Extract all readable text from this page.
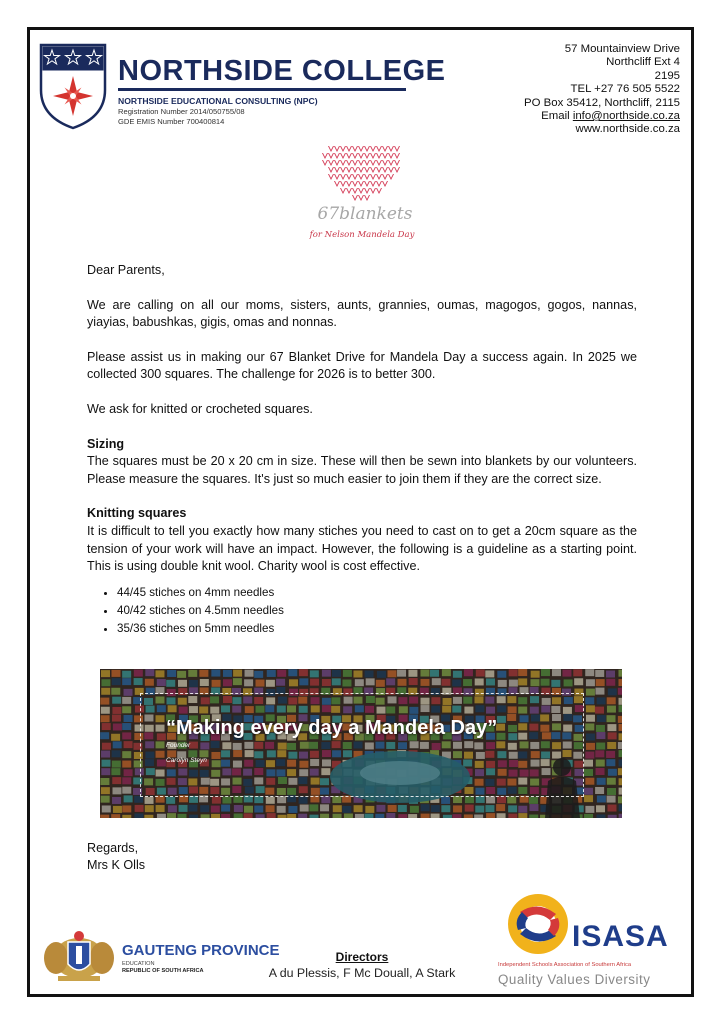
NORTHSIDE COLLEGE
NORTHSIDE EDUCATIONAL CONSULTING (NPC)
Registration Number 2014/050755/08
GDE EMIS Number 700400814
57 Mountainview Drive
Northcliff Ext 4
2195
TEL +27 76 505 5522
PO Box 35412, Northcliff, 2115
Email info@northside.co.za
www.northside.co.za
67blankets
for Nelson Mandela Day

Dear Parents,

We are calling on all our moms, sisters, aunts, grannies, oumas, magogos, gogos, nannas, yiayias, babushkas, gigis, omas and nonnas.

Please assist us in making our 67 Blanket Drive for Mandela Day a success again. In 2025 we collected 300 squares. The challenge for 2026 is to better 300.

We ask for knitted or crocheted squares.

Sizing

The squares must be 20 x 20 cm in size. These will then be sewn into blankets by our volunteers. Please measure the squares. It's just so much easier to join them if they are the correct size.

Knitting squares

It is difficult to tell you exactly how many stiches you need to cast on to get a 20cm square as the tension of your work will have an impact. However, the following is a guideline as a starting point. This is using double knit wool. Charity wool is cost effective.

• 44/45 stiches on 4mm needles
• 40/42 stiches on 4.5mm needles
• 35/36 stiches on 5mm needles
“Making every day a Mandela Day”
Founder
Carolyn Steyn
Regards,
Mrs K Olls
GAUTENG PROVINCE
EDUCATION
REPUBLIC OF SOUTH AFRICA
Directors
A du Plessis, F Mc Douall, A Stark
ISASA
Independent Schools Association of Southern Africa
Quality Values Diversity
